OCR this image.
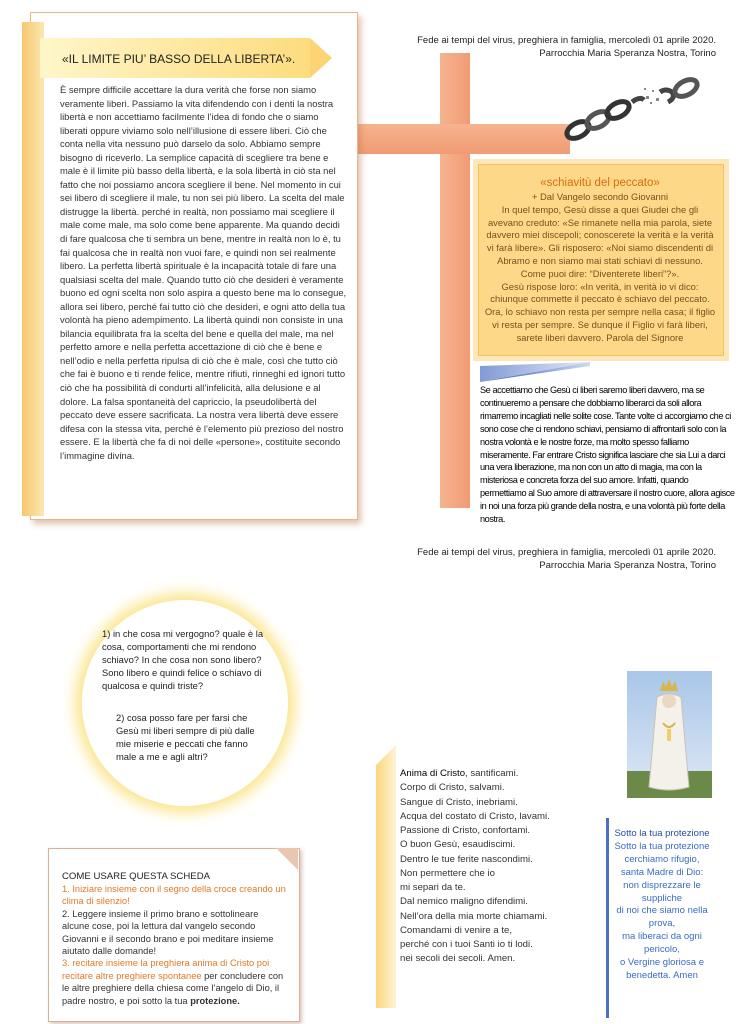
Fede ai tempi del virus, preghiera in famiglia, mercoledì 01 aprile 2020.
Parrocchia Maria Speranza Nostra, Torino
Fede ai tempi del virus, preghiera in famiglia, mercoledì 01 aprile 2020.
Parrocchia Maria Speranza Nostra, Torino
«IL LIMITE PIU’ BASSO DELLA LIBERTA’».
È sempre difficile accettare la dura verità che forse non siamo veramente liberi. Passiamo la vita difendendo con i denti la nostra libertà e non accettiamo facilmente l’idea di fondo che o siamo liberati oppure viviamo solo nell’illusione di essere liberi. Ciò che conta nella vita nessuno può darselo da solo. Abbiamo sempre bisogno di riceverlo. La semplice capacità di scegliere tra bene e male è il limite più basso della libertà, e la sola libertà in ciò sta nel fatto che noi possiamo ancora scegliere il bene. Nel momento in cui sei libero di scegliere il male, tu non sei più libero. La scelta del male distrugge la libertà. perché in realtà, non possiamo mai scegliere il male come male, ma solo come bene apparente. Ma quando decidi di fare qualcosa che ti sembra un bene, mentre in realtà non lo è, tu fai qualcosa che in realtà non vuoi fare, e quindi non sei realmente libero. La perfetta libertà spirituale è la incapacità totale di fare una qualsiasi scelta del male. Quando tutto ciò che desideri è veramente buono ed ogni scelta non solo aspira a questo bene ma lo consegue, allora sei libero, perché fai tutto ciò che desideri, e ogni atto della tua volontà ha pieno adempimento. La libertà quindi non consiste in una bilancia equilibrata fra la scelta del bene e quella del male, ma nel perfetto amore e nella perfetta accettazione di ciò che è bene e nell’odio e nella perfetta ripulsa di ciò che è male, così che tutto ciò che fai è buono e ti rende felice, mentre rifiuti, rinneghi ed ignori tutto ciò che ha possibilità di condurti all’infelicità, alla delusione e al dolore. La falsa spontaneità del capriccio, la pseudolibertà del peccato deve essere sacrificata. La nostra vera libertà deve essere difesa con la stessa vita, perché è l’elemento più prezioso del nostro essere. E la libertà che fa di noi delle «persone», costituite secondo l’immagine divina.
«schiavitù del peccato»
+ Dal Vangelo secondo Giovanni
In quel tempo, Gesù disse a quei Giudei che gli avevano creduto: «Se rimanete nella mia parola, siete davvero miei discepoli; conoscerete la verità e la verità vi farà libere». Gli risposero: «Noi siamo discendenti di Abramo e non siamo mai stati schiavi di nessuno. Come puoi dire: “Diventerete liberi”?».
Gesù rispose loro: «In verità, in verità io vi dico: chiunque commette il peccato è schiavo del peccato. Ora, lo schiavo non resta per sempre nella casa; il figlio vi resta per sempre. Se dunque il Figlio vi farà liberi, sarete liberi davvero. Parola del Signore
Se accettiamo che Gesù ci liberi saremo liberi davvero, ma se continueremo a pensare che dobbiamo liberarci da soli allora rimarremo incagliati nelle solite cose. Tante volte ci accorgiamo che ci sono cose che ci rendono schiavi, pensiamo di affrontarli solo con la nostra volontà e le nostre forze, ma molto spesso falliamo miseramente. Far entrare Cristo significa lasciare che sia Lui a darci una vera liberazione, ma non con un atto di magia, ma con la misteriosa e concreta forza del suo amore. Infatti, quando permettiamo al Suo amore di attraversare il nostro cuore, allora agisce in noi una forza più grande della nostra, e una volontà più forte della nostra.
1) in che cosa mi vergogno? quale è la cosa, comportamenti che mi rendono schiavo? In che cosa non sono libero? Sono libero e quindi felice o schiavo di qualcosa e quindi triste?
2) cosa posso fare per farsi che Gesù mi liberi sempre di più dalle mie miserie e peccati che fanno male a me e agli altri?
COME USARE QUESTA SCHEDA
1. Iniziare insieme con il segno della croce creando un clima di silenzio!
2. Leggere insieme il primo brano e sottolineare alcune cose, poi la lettura dal vangelo secondo Giovanni e il secondo brano e poi meditare insieme aiutato dalle domande!
3. recitare insieme la preghiera anima di Cristo poi recitare altre preghiere spontanee per concludere con le altre preghiere della chiesa come l’angelo di Dio, il padre nostro, e poi sotto la tua protezione.
Anima di Cristo, santificami.
Corpo di Cristo, salvami.
Sangue di Cristo, inebriami.
Acqua del costato di Cristo, lavami.
Passione di Cristo, confortami.
O buon Gesù, esaudiscimi.
Dentro le tue ferite nascondimi.
Non permettere che io
mi separi da te.
Dal nemico maligno difendimi.
Nell’ora della mia morte chiamami.
Comandami di venire a te,
perché con i tuoi Santi io ti lodi.
nei secoli dei secoli. Amen.
Sotto la tua protezione
Sotto la tua protezione
cerchiamo rifugio,
santa Madre di Dio:
non disprezzare le
suppliche
di noi che siamo nella
prova,
ma liberaci da ogni
pericolo,
o Vergine gloriosa e
benedetta. Amen
